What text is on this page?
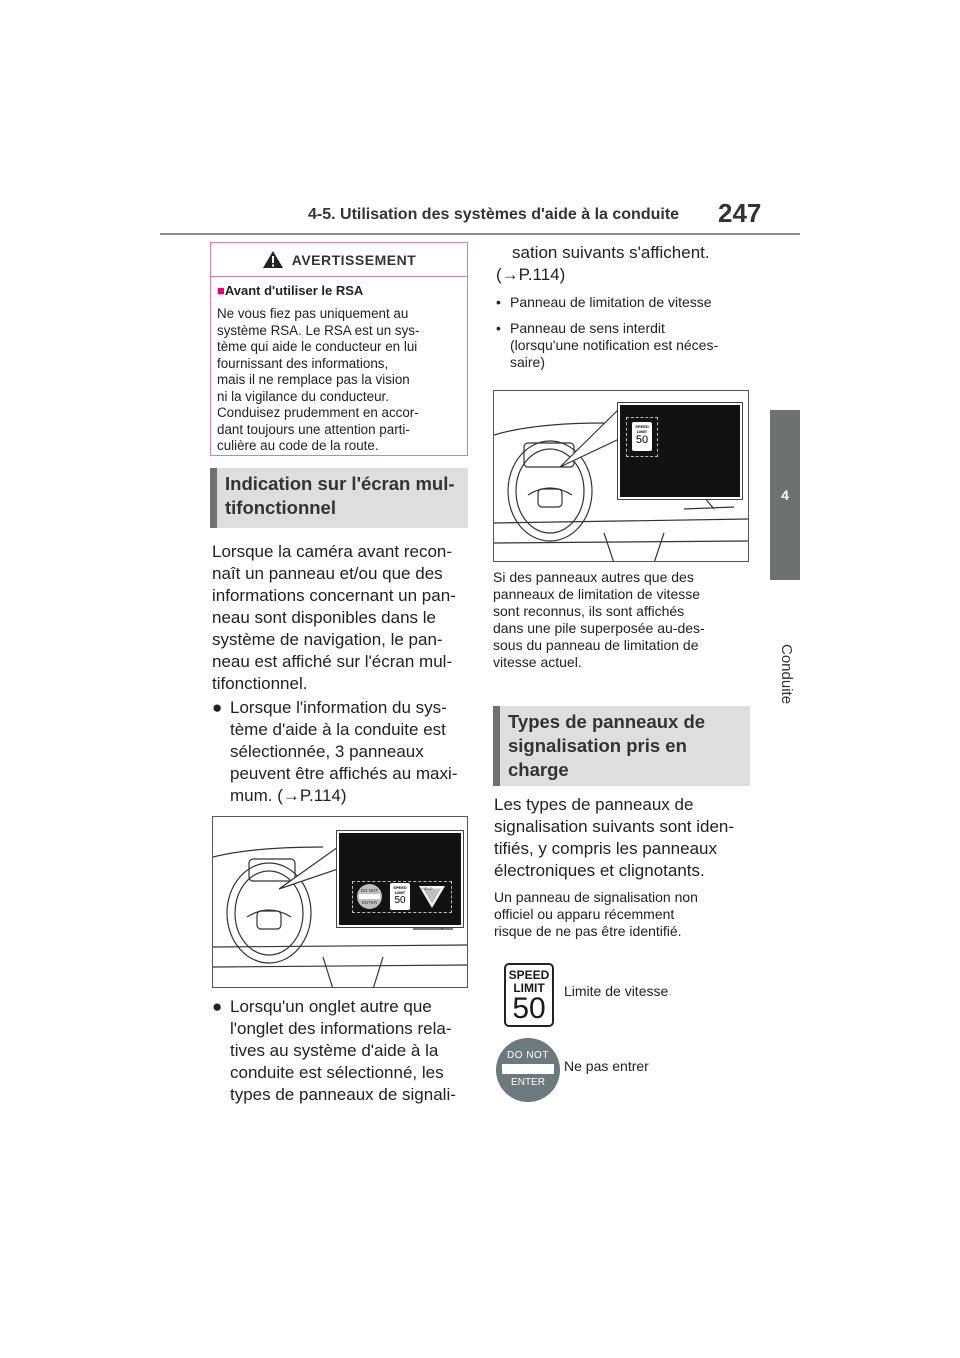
4-5. Utilisation des systèmes d'aide à la conduite 247
4
Conduite
AVERTISSEMENT
■Avant d'utiliser le RSA
Ne vous fiez pas uniquement au
système RSA. Le RSA est un sys-
tème qui aide le conducteur en lui
fournissant des informations,
mais il ne remplace pas la vision
ni la vigilance du conducteur.
Conduisez prudemment en accor-
dant toujours une attention parti-
culière au code de la route.
Indication sur l'écran mul-
tifonctionnel
Lorsque la caméra avant recon-
naît un panneau et/ou que des
informations concernant un pan-
neau sont disponibles dans le
système de navigation, le pan-
neau est affiché sur l'écran mul-
tifonctionnel.
● Lorsque l'information du sys-
tème d'aide à la conduite est
sélectionnée, 3 panneaux
peuvent être affichés au maxi-
mum. (→P.114)
DO NOT
ENTER
SPEED
LIMIT
50
YIELD
● Lorsqu'un onglet autre que
l'onglet des informations rela-
tives au système d'aide à la
conduite est sélectionné, les
types de panneaux de signali-
sation suivants s'affichent.
(→P.114)
• Panneau de limitation de vitesse
• Panneau de sens interdit
(lorsqu'une notification est néces-
saire)
SPEED
LIMIT
50
Si des panneaux autres que des
panneaux de limitation de vitesse
sont reconnus, ils sont affichés
dans une pile superposée au-des-
sous du panneau de limitation de
vitesse actuel.
Types de panneaux de
signalisation pris en
charge
Les types de panneaux de
signalisation suivants sont iden-
tifiés, y compris les panneaux
électroniques et clignotants.
Un panneau de signalisation non
officiel ou apparu récemment
risque de ne pas être identifié.
SPEED
LIMIT
50
Limite de vitesse
DO NOT
ENTER
Ne pas entrer
